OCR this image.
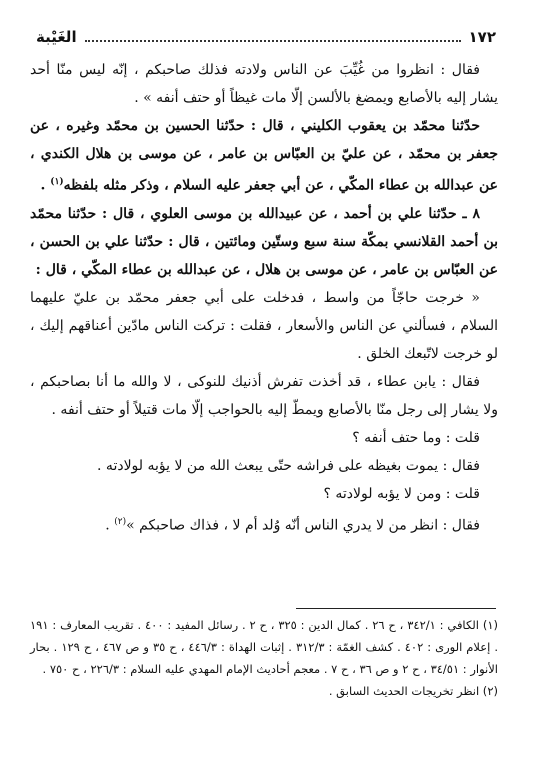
١٧٢
الغَيْبة

فقال : انظروا من غُيِّبَ عن الناس ولادته فذلك صاحبكم ، إنّه ليس منّا أحد يشار إليه بالأصابع ويمضغ بالألسن إلّا مات غيظاً أو حتف أنفه » .

حدّثنا محمّد بن يعقوب الكليني ، قال : حدّثنا الحسين بن محمّد وغيره ، عن جعفر بن محمّد ، عن عليّ بن العبّاس بن عامر ، عن موسى بن هلال الكندي ، عن عبدالله بن عطاء المكّي ، عن أبي جعفر عليه السلام ، وذكر مثله بلفظه$^{(١)}$ .

٨ ـ حدّثنا علي بن أحمد ، عن عبيدالله بن موسى العلوي ، قال : حدّثنا محمّد بن أحمد القلانسي بمكّة سنة سبع وستّين ومائتين ، قال : حدّثنا علي بن الحسن ، عن العبّاس بن عامر ، عن موسى بن هلال ، عن عبدالله بن عطاء المكّي ، قال :

« خرجت حاجّاً من واسط ، فدخلت على أبي جعفر محمّد بن عليّ عليهما السلام ، فسألني عن الناس والأسعار ، فقلت : تركت الناس مادّين أعناقهم إليك ، لو خرجت لاتّبعك الخلق .

فقال : يابن عطاء ، قد أخذت تفرش أذنيك للنوكى ، لا والله ما أنا بصاحبكم ، ولا يشار إلى رجل منّا بالأصابع ويمطّ إليه بالحواجب إلّا مات قتيلاً أو حتف أنفه .

قلت : وما حتف أنفه ؟

فقال : يموت بغيظه على فراشه حتّى يبعث الله من لا يؤبه لولادته .

قلت : ومن لا يؤبه لولادته ؟

فقال : انظر من لا يدري الناس أنّه وُلد أم لا ، فذاك صاحبكم »$^{(٢)}$ .

(١) الكافي : ٣٤٢/١ ، ح ٢٦ . كمال الدين : ٣٢٥ ، ح ٢ . رسائل المفيد : ٤٠٠ . تقريب المعارف : ١٩١ . إعلام الورى : ٤٠٢ . كشف الغمّة : ٣١٢/٣ . إثبات الهداة : ٤٤٦/٣ ، ح ٣٥ و ص ٤٦٧ ، ح ١٢٩ . بحار الأنوار : ٣٤/٥١ ، ح ٢ و ص ٣٦ ، ح ٧ . معجم أحاديث الإمام المهدي عليه السلام : ٢٢٦/٣ ، ح ٧٥٠ .

(٢) انظر تخريجات الحديث السابق .
